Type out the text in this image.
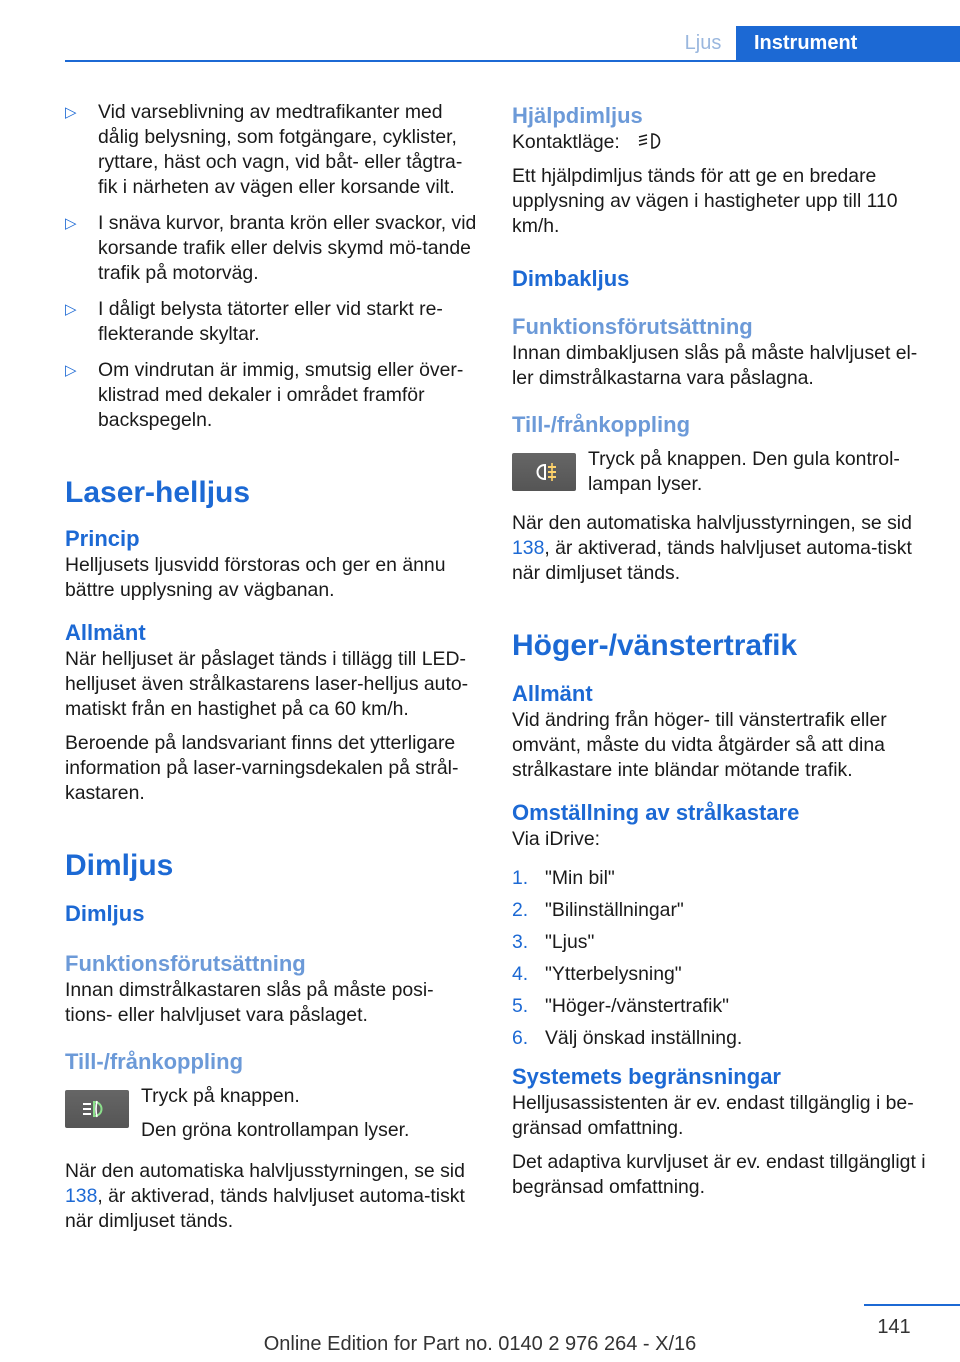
Ljus	Instrument
▷ Vid varseblivning av medtrafikanter med dålig belysning, som fotgängare, cyklister, ryttare, häst och vagn, vid båt- eller tågtra-fik i närheten av vägen eller korsande vilt.
▷ I snäva kurvor, branta krön eller svackor, vid korsande trafik eller delvis skymd mö-tande trafik på motorväg.
▷ I dåligt belysta tätorter eller vid starkt re-flekterande skyltar.
▷ Om vindrutan är immig, smutsig eller över-klistrad med dekaler i området framför backspegeln.
Laser-helljus
Princip

Helljusets ljusvidd förstoras och ger en ännu bättre upplysning av vägbanan.

Allmänt

När helljuset är påslaget tänds i tillägg till LED-helljuset även strålkastarens laser-helljus auto-matiskt från en hastighet på ca 60 km/h.

Beroende på landsvariant finns det ytterligare information på laser-varningsdekalen på strål-kastaren.

Dimljus
Dimljus
Funktionsförutsättning

Innan dimstrålkastaren slås på måste posi-tions- eller halvljuset vara påslaget.

Till-/frånkoppling

Tryck på knappen.

Den gröna kontrollampan lyser.

När den automatiska halvljusstyrningen, se sid 138, är aktiverad, tänds halvljuset automa-tiskt när dimljuset tänds.

Hjälpdimljus

Kontaktläge:

Ett hjälpdimljus tänds för att ge en bredare upplysning av vägen i hastigheter upp till 110 km/h.

Dimbakljus
Funktionsförutsättning

Innan dimbakljusen slås på måste halvljuset el-ler dimstrålkastarna vara påslagna.

Till-/frånkoppling

Tryck på knappen. Den gula kontrol-lampan lyser.

När den automatiska halvljusstyrningen, se sid 138, är aktiverad, tänds halvljuset automa-tiskt när dimljuset tänds.

Höger-/vänstertrafik
Allmänt

Vid ändring från höger- till vänstertrafik eller omvänt, måste du vidta åtgärder så att dina strålkastare inte bländar mötande trafik.

Omställning av strålkastare

Via iDrive:

1. "Min bil"
2. "Bilinställningar"
3. "Ljus"
4. "Ytterbelysning"
5. "Höger-/vänstertrafik"
6. Välj önskad inställning.
Systemets begränsningar

Helljusassistenten är ev. endast tillgänglig i be-gränsad omfattning.

Det adaptiva kurvljuset är ev. endast tillgängligt i begränsad omfattning.

141
Online Edition for Part no. 0140 2 976 264 - X/16
